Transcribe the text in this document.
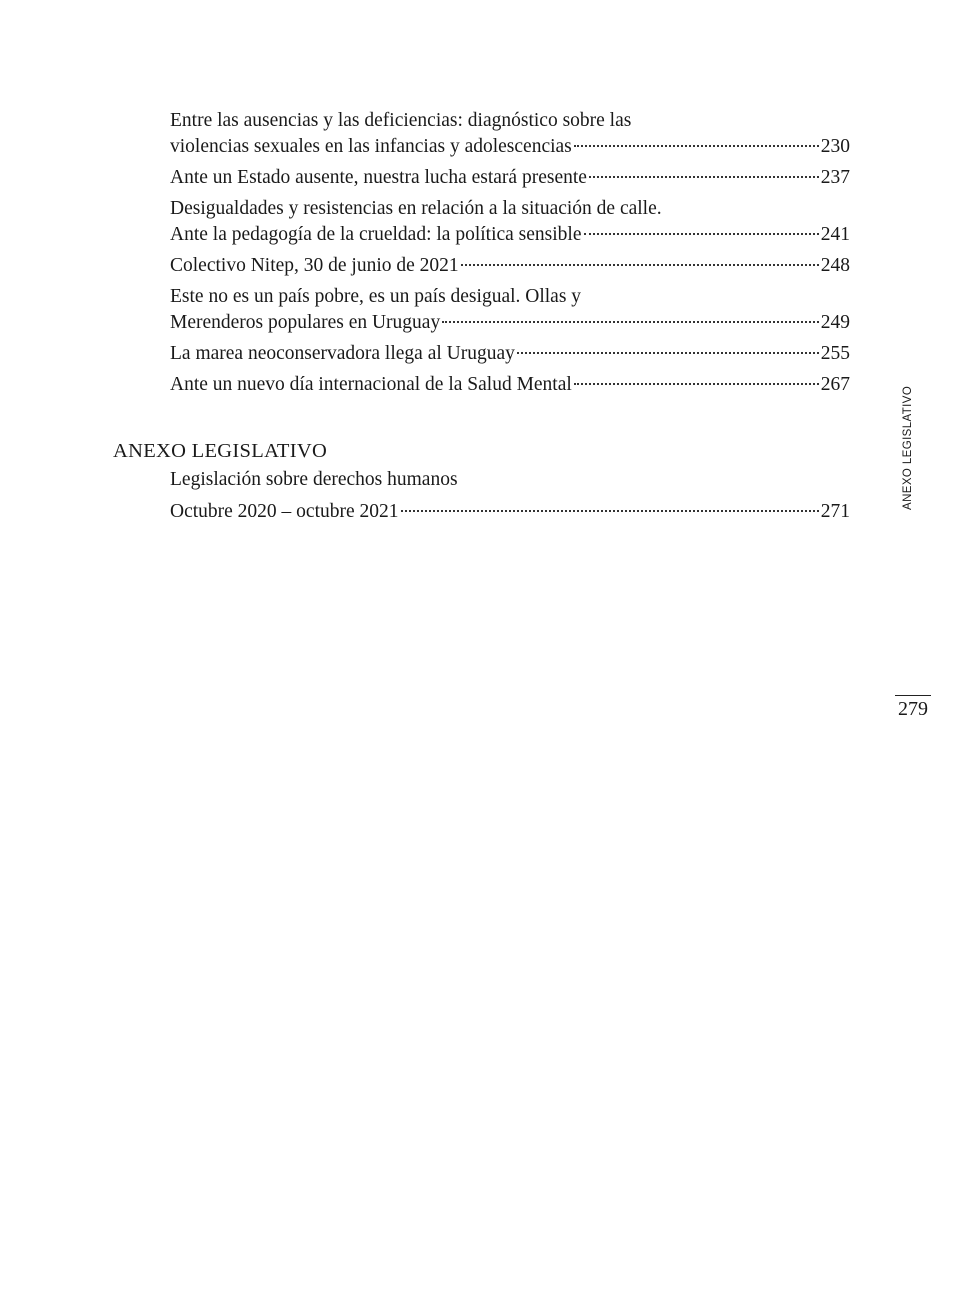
Entre las ausencias y las deficiencias: diagnóstico sobre las
violencias sexuales en las infancias y adolescencias	230
Ante un Estado ausente, nuestra lucha estará presente	237
Desigualdades y resistencias en relación a la situación de calle.
Ante la pedagogía de la crueldad: la política sensible	241
Colectivo Nitep, 30 de junio de 2021	248
Este no es un país pobre, es un país desigual. Ollas y
Merenderos populares en Uruguay	249
La marea neoconservadora llega al Uruguay	255
Ante un nuevo día internacional de la Salud Mental	267
ANEXO LEGISLATIVO
Legislación sobre derechos humanos
Octubre 2020 – octubre 2021	271
ANEXO LEGISLATIVO
279
